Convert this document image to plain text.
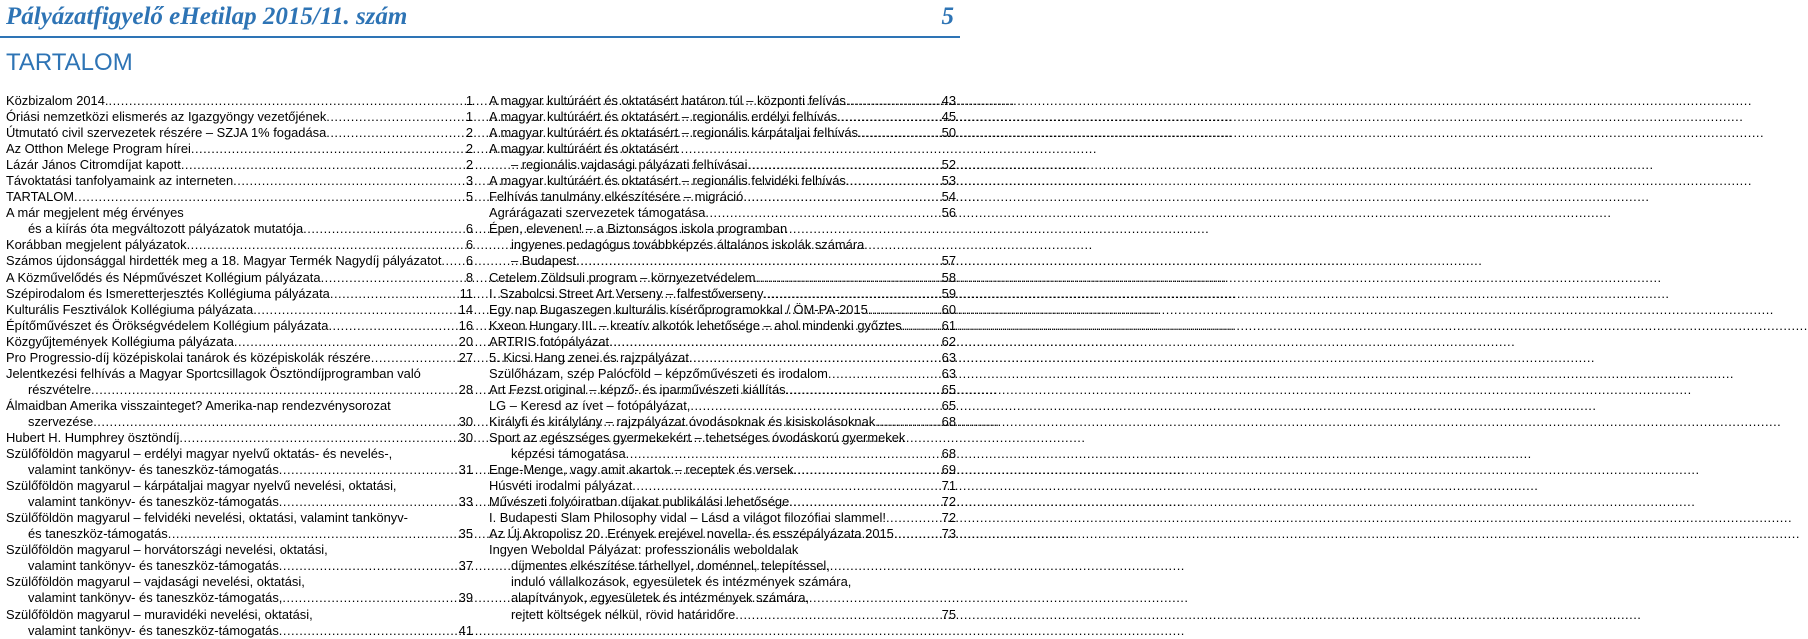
Pályázatfigyelő eHetilap 2015/11. szám	5
TARTALOM
Közbizalom 2014. .....	1
Óriási nemzetközi elismerés az Igazgyöngy vezetőjének .....	1
Útmutató civil szervezetek részére – SZJA 1% fogadása .....	2
Az Otthon Melege Program hírei .....	2
Lázár János Citromdíjat kapott .....	2
Távoktatási tanfolyamaink az interneten .....	3
TARTALOM .....	5
A már megjelent még érvényes
és a kiírás óta megváltozott pályázatok mutatója .....	6
Korábban megjelent pályázatok .....	6
Számos újdonsággal hirdették meg a 18. Magyar Termék Nagydíj pályázatot ..... 6
A Közművelődés és Népművészet Kollégium pályázata .....	8
Szépirodalom és Ismeretterjesztés Kollégiuma pályázata .....	11
Kulturális Fesztiválok Kollégiuma pályázata .....	14
Építőművészet és Örökségvédelem Kollégium pályázata .....	16
Közgyűjtemények Kollégiuma pályázata .....	20
Pro Progressio-díj középiskolai tanárok és középiskolák részére .....	27
Jelentkezési felhívás a Magyar Sportcsillagok Ösztöndíjprogramban való
részvételre .....	28
Álmaidban Amerika visszainteget? Amerika-nap rendezvénysorozat
szervezése .....	30
Hubert H. Humphrey ösztöndíj .....	30
Szülőföldön magyarul – erdélyi magyar nyelvű oktatás- és nevelés-,
valamint tankönyv- és taneszköz-támogatás .....	31
Szülőföldön magyarul – kárpátaljai magyar nyelvű nevelési, oktatási,
valamint tankönyv- és taneszköz-támogatás .....	33
Szülőföldön magyarul – felvidéki nevelési, oktatási, valamint tankönyv-
és taneszköz-támogatás .....	35
Szülőföldön magyarul – horvátországi nevelési, oktatási,
valamint tankönyv- és taneszköz-támogatás .....	37
Szülőföldön magyarul – vajdasági nevelési, oktatási,
valamint tankönyv- és taneszköz-támogatás, .....	39
Szülőföldön magyarul – muravidéki nevelési, oktatási,
valamint tankönyv- és taneszköz-támogatás .....	41
A magyar kultúráért és oktatásért határon túl – központi felívás .....	43
A magyar kultúráért és oktatásért – regionális erdélyi felhívás .....	45
A magyar kultúráért és oktatásért – regionális kárpátaljai felhívás .....	50
A magyar kultúráért és oktatásért
– regionális vajdasági pályázati felhívásai .....	52
A magyar kultúráért és oktatásért – regionális felvidéki felhívás .....	53
Felhívás tanulmány elkészítésére – migráció .....	54
Agrárágazati szervezetek támogatása .....	56
Épen, elevenen! – a Biztonságos iskola programban
ingyenes pedagógus továbbképzés általános iskolák számára
– Budapest .....	57
Cetelem Zöldsuli program – környezetvédelem .....	58
I. Szabolcsi Street Art Verseny – falfestőverseny .....	59
Egy nap Bugaszegen kulturális kísérőprogramokkal / ÖM-PA-2015 .....	60
Kxeon Hungary III. – kreatív alkotók lehetősége – ahol mindenki győztes .....	61
ARTRIS fotópályázat .....	62
5. Kicsi Hang zenei és rajzpályázat .....	63
Szülőházam, szép Palócföld – képzőművészeti és irodalom .....	63
Art Fezst original – képző- és iparművészeti kiállítás .....	65
LG – Keresd az ívet – fotópályázat, .....	65
Királyfi és királylány – rajzpályázat óvodásoknak és kisiskolásoknak .....	68
Sport az egészséges gyermekekért – tehetséges óvodáskorú gyermekek
képzési támogatása .....	68
Enge-Menge, vagy amit akartok – receptek és versek .....	69
Húsvéti irodalmi pályázat .....	71
Művészeti folyóiratban díjakat publikálási lehetősége .....	72
I. Budapesti Slam Philosophy vidal – Lásd a világot filozófiai slammel! .....	72
Az Új Akropolisz 20. Erények erejével novella- és esszépályázata 2015 .....	73
Ingyen Weboldal Pályázat: professzionális weboldalak
díjmentes elkészítése tárhellyel, doménnel, telepítéssel,
induló vállalkozások, egyesületek és intézmények számára,
alapítványok, egyesületek és intézmények számára,
rejtett költségek nélkül, rövid határidőre .....	75
